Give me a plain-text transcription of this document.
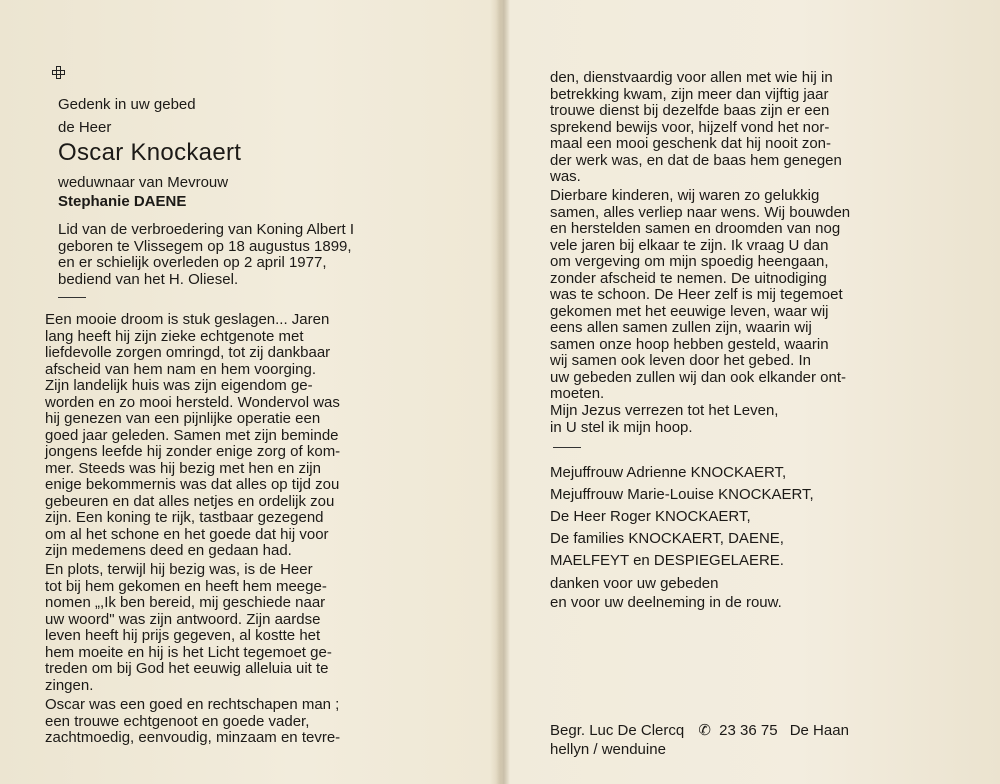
Gedenk in uw gebed
de Heer
Oscar Knockaert
weduwnaar van Mevrouw
Stephanie DAENE

Lid van de verbroedering van Koning Albert I

geboren te Vlissegem op 18 augustus 1899,

en er schielijk overleden op 2 april 1977,

bediend van het H. Oliesel.

Een mooie droom is stuk geslagen... Jaren

lang heeft hij zijn zieke echtgenote met

liefdevolle zorgen omringd, tot zij dankbaar

afscheid van hem nam en hem voorging.

Zijn landelijk huis was zijn eigendom ge-

worden en zo mooi hersteld. Wondervol was

hij genezen van een pijnlijke operatie een

goed jaar geleden. Samen met zijn beminde

jongens leefde hij zonder enige zorg of kom-

mer. Steeds was hij bezig met hen en zijn

enige bekommernis was dat alles op tijd zou

gebeuren en dat alles netjes en ordelijk zou

zijn. Een koning te rijk, tastbaar gezegend

om al het schone en het goede dat hij voor

zijn medemens deed en gedaan had.

En plots, terwijl hij bezig was, is de Heer

tot bij hem gekomen en heeft hem meege-

nomen „,Ik ben bereid, mij geschiede naar

uw woord" was zijn antwoord. Zijn aardse

leven heeft hij prijs gegeven, al kostte het

hem moeite en hij is het Licht tegemoet ge-

treden om bij God het eeuwig alleluia uit te

zingen.

Oscar was een goed en rechtschapen man ;

een trouwe echtgenoot en goede vader,

zachtmoedig, eenvoudig, minzaam en tevre-

den, dienstvaardig voor allen met wie hij in

betrekking kwam, zijn meer dan vijftig jaar

trouwe dienst bij dezelfde baas zijn er een

sprekend bewijs voor, hijzelf vond het nor-

maal een mooi geschenk dat hij nooit zon-

der werk was, en dat de baas hem genegen

was.

Dierbare kinderen, wij waren zo gelukkig

samen, alles verliep naar wens. Wij bouwden

en herstelden samen en droomden van nog

vele jaren bij elkaar te zijn. Ik vraag U dan

om vergeving om mijn spoedig heengaan,

zonder afscheid te nemen. De uitnodiging

was te schoon. De Heer zelf is mij tegemoet

gekomen met het eeuwige leven, waar wij

eens allen samen zullen zijn, waarin wij

samen onze hoop hebben gesteld, waarin

wij samen ook leven door het gebed. In

uw gebeden zullen wij dan ook elkander ont-

moeten.

Mijn Jezus verrezen tot het Leven,

in U stel ik mijn hoop.

Mejuffrouw Adrienne KNOCKAERT,
Mejuffrouw Marie-Louise KNOCKAERT,
De Heer Roger KNOCKAERT,
De families KNOCKAERT, DAENE,
MAELFEYT en DESPIEGELAERE.
danken voor uw gebeden
en voor uw deelneming in de rouw.
Begr. Luc De Clercq ✆ 23 36 75 De Haan
hellyn / wenduine
